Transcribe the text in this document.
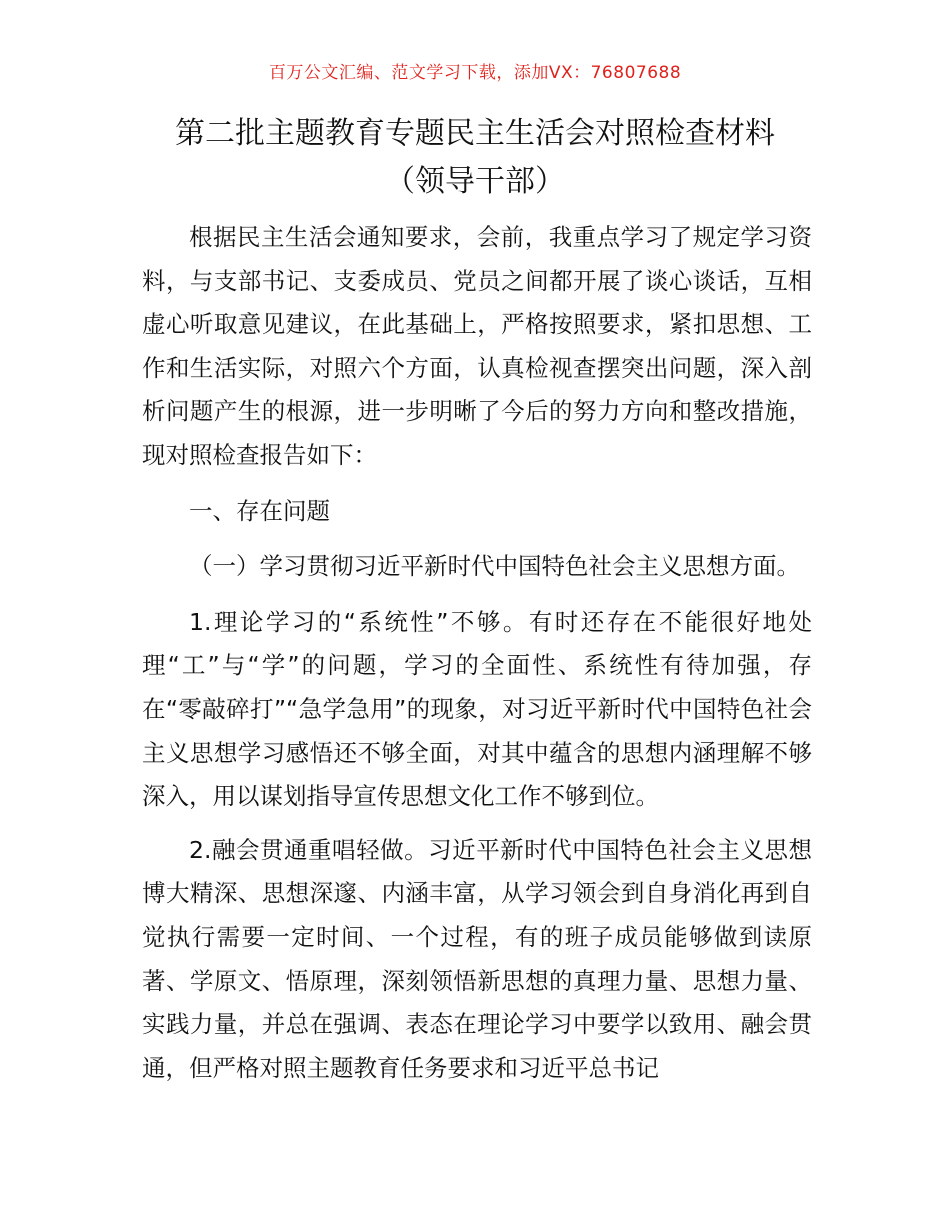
百万公文汇编、范文学习下载，添加VX：76807688
第二批主题教育专题民主生活会对照检查材料
（领导干部）

根据民主生活会通知要求，会前，我重点学习了规定学习资料，与支部书记、支委成员、党员之间都开展了谈心谈话，互相虚心听取意见建议，在此基础上，严格按照要求，紧扣思想、工作和生活实际，对照六个方面，认真检视查摆突出问题，深入剖析问题产生的根源，进一步明晰了今后的努力方向和整改措施，现对照检查报告如下：

一、存在问题

（一）学习贯彻习近平新时代中国特色社会主义思想方面。

1.理论学习的“系统性”不够。有时还存在不能很好地处理“工”与“学”的问题，学习的全面性、系统性有待加强，存在“零敲碎打”“急学急用”的现象，对习近平新时代中国特色社会主义思想学习感悟还不够全面，对其中蕴含的思想内涵理解不够深入，用以谋划指导宣传思想文化工作不够到位。

2.融会贯通重唱轻做。习近平新时代中国特色社会主义思想博大精深、思想深邃、内涵丰富，从学习领会到自身消化再到自觉执行需要一定时间、一个过程，有的班子成员能够做到读原著、学原文、悟原理，深刻领悟新思想的真理力量、思想力量、实践力量，并总在强调、表态在理论学习中要学以致用、融会贯通，但严格对照主题教育任务要求和习近平总书记
